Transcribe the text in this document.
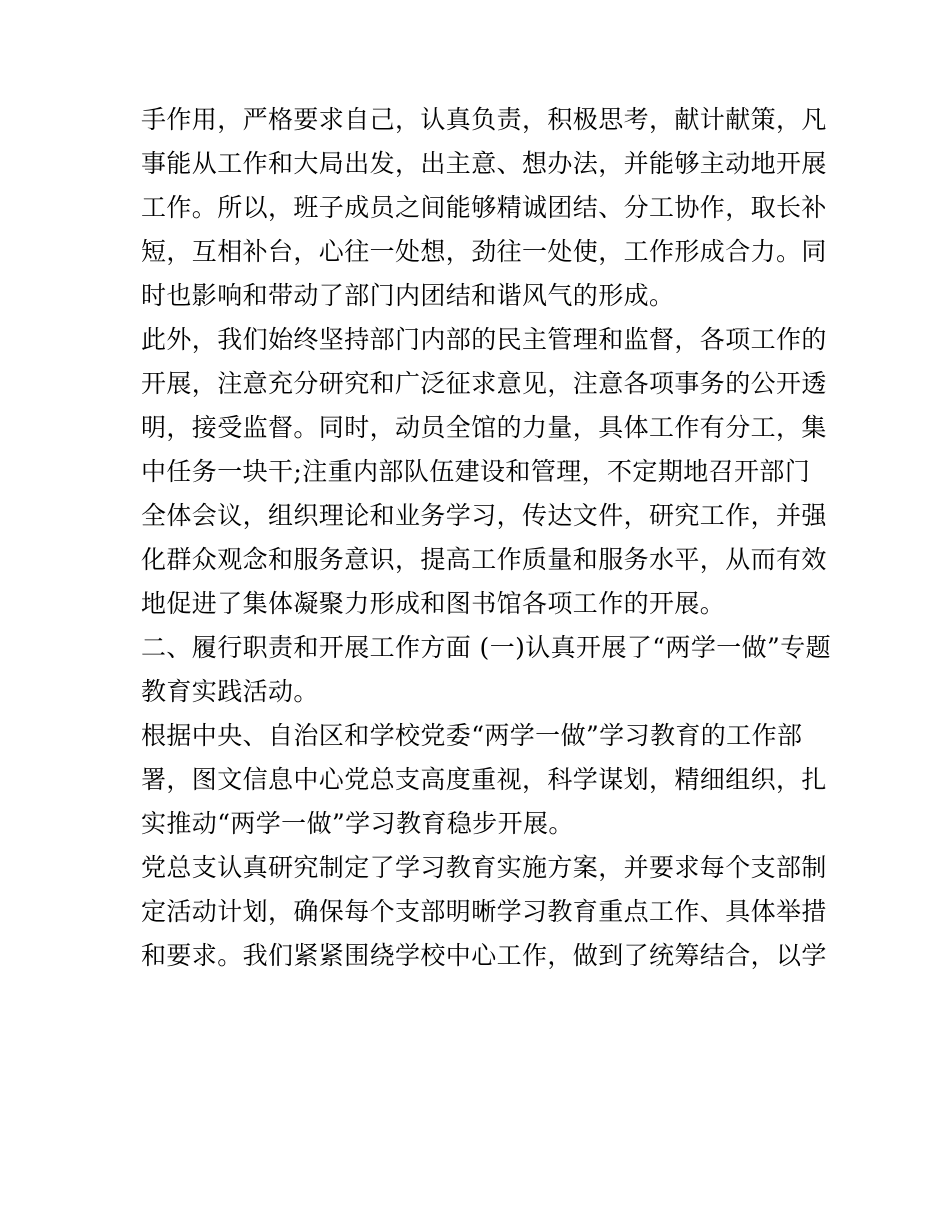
手作用，严格要求自己，认真负责，积极思考，献计献策，凡
事能从工作和大局出发，出主意、想办法，并能够主动地开展
工作。所以，班子成员之间能够精诚团结、分工协作，取长补
短，互相补台，心往一处想，劲往一处使，工作形成合力。同
时也影响和带动了部门内团结和谐风气的形成。
此外，我们始终坚持部门内部的民主管理和监督，各项工作的
开展，注意充分研究和广泛征求意见，注意各项事务的公开透
明，接受监督。同时，动员全馆的力量，具体工作有分工，集
中任务一块干;注重内部队伍建设和管理，不定期地召开部门
全体会议，组织理论和业务学习，传达文件，研究工作，并强
化群众观念和服务意识，提高工作质量和服务水平，从而有效
地促进了集体凝聚力形成和图书馆各项工作的开展。
二、履行职责和开展工作方面 (一)认真开展了“两学一做”专题
教育实践活动。
根据中央、自治区和学校党委“两学一做”学习教育的工作部
署，图文信息中心党总支高度重视，科学谋划，精细组织，扎
实推动“两学一做”学习教育稳步开展。
党总支认真研究制定了学习教育实施方案，并要求每个支部制
定活动计划，确保每个支部明晰学习教育重点工作、具体举措
和要求。我们紧紧围绕学校中心工作，做到了统筹结合，以学
